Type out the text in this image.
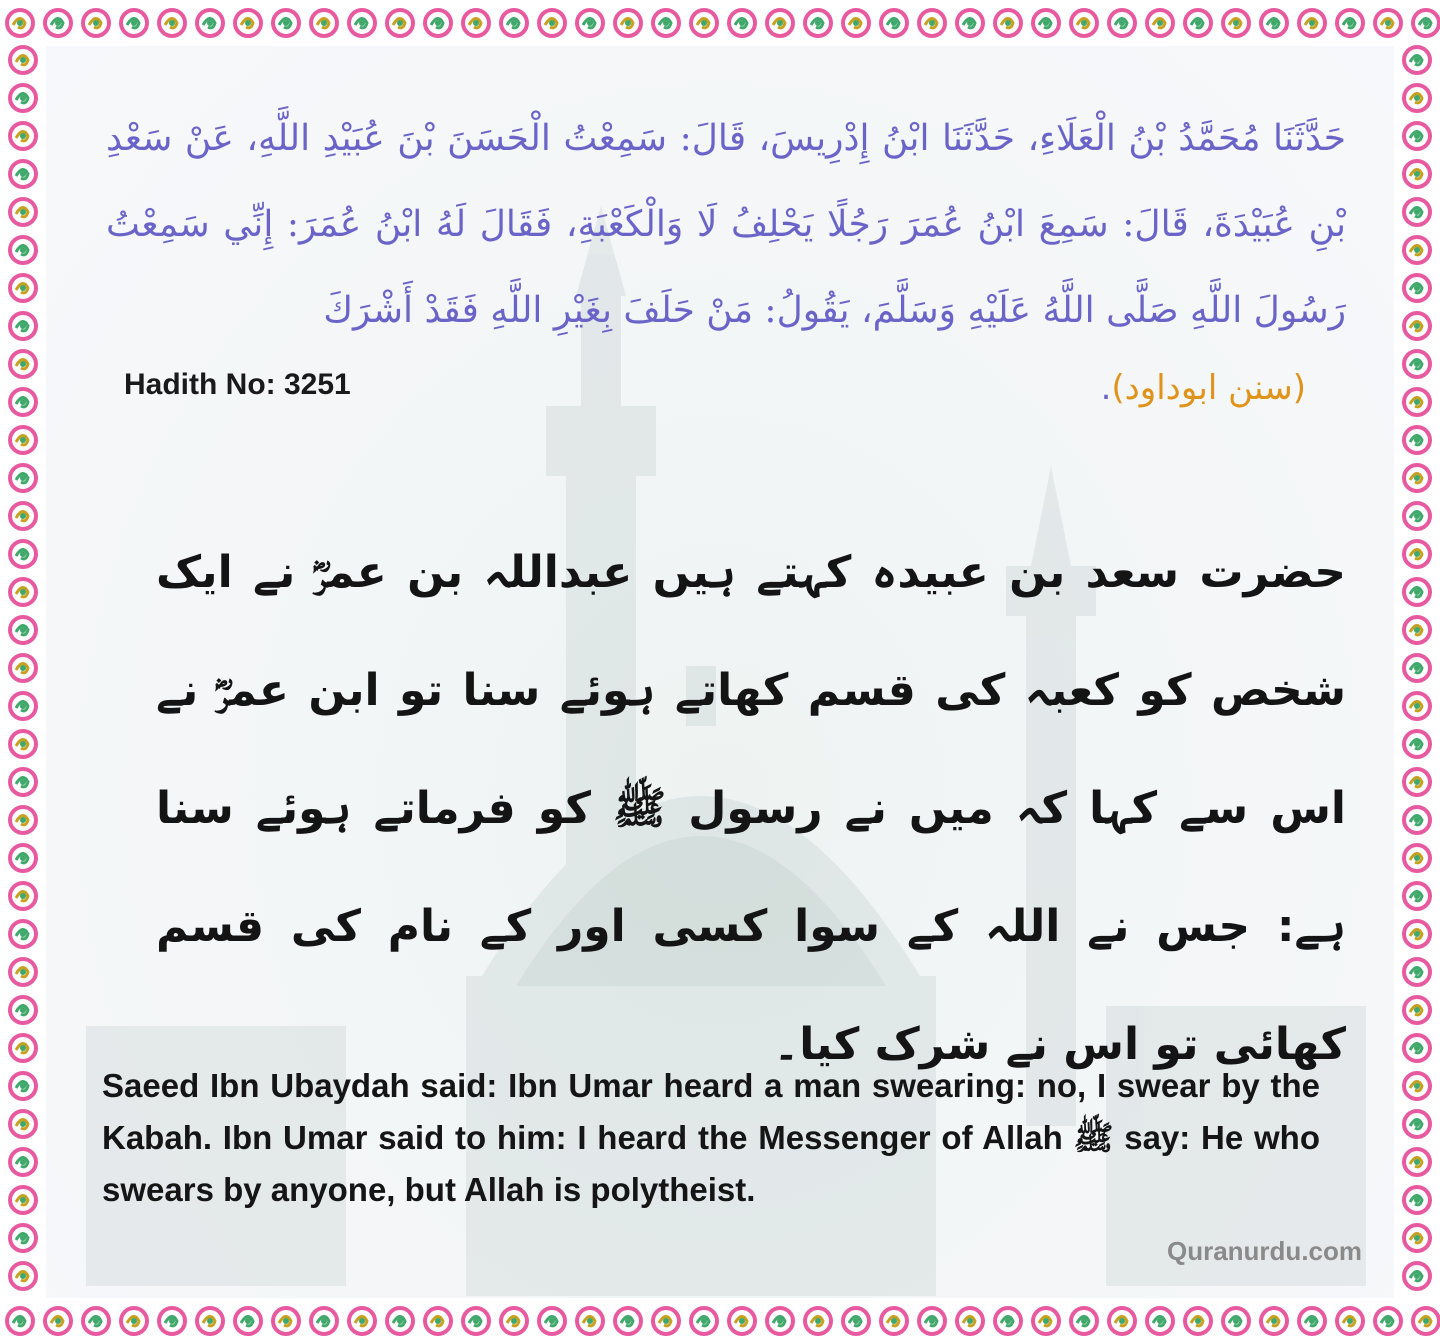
حَدَّثَنَا مُحَمَّدُ بْنُ الْعَلَاءِ، حَدَّثَنَا ابْنُ إِدْرِيسَ، قَالَ: سَمِعْتُ الْحَسَنَ بْنَ عُبَيْدِ اللَّهِ، عَنْ سَعْدِ بْنِ عُبَيْدَةَ، قَالَ: سَمِعَ ابْنُ عُمَرَ رَجُلًا يَحْلِفُ لَا وَالْكَعْبَةِ، فَقَالَ لَهُ ابْنُ عُمَرَ: إِنِّي سَمِعْتُ رَسُولَ اللَّهِ صَلَّى اللَّهُ عَلَيْهِ وَسَلَّمَ، يَقُولُ: مَنْ حَلَفَ بِغَيْرِ اللَّهِ فَقَدْ أَشْرَكَ
Hadith No: 3251	(سنن ابوداود).
حضرت سعد بن عبیدہ کہتے ہیں عبداللہ بن عمرؓ نے ایک شخص کو کعبہ کی قسم کھاتے ہوئے سنا تو ابن عمرؓ نے اس سے کہا کہ میں نے رسول ﷺ کو فرماتے ہوئے سنا ہے: جس نے اللہ کے سوا کسی اور کے نام کی قسم کھائی تو اس نے شرک کیا۔
Saeed Ibn Ubaydah said: Ibn Umar heard a man swearing: no, I swear by the Kabah. Ibn Umar said to him: I heard the Messenger of Allah ﷺ say: He who swears by anyone, but Allah is polytheist.
Quranurdu.com
